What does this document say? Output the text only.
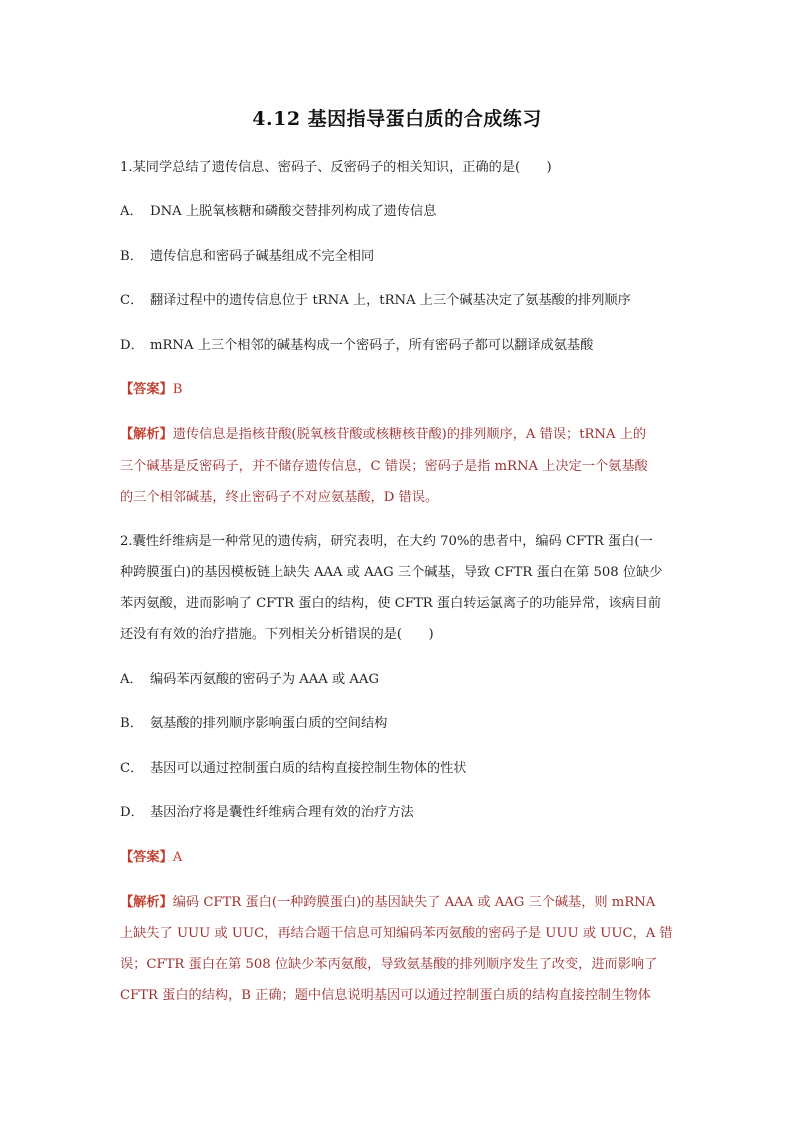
4.12 基因指导蛋白质的合成练习
1.某同学总结了遗传信息、密码子、反密码子的相关知识，正确的是(　　)
A． DNA 上脱氧核糖和磷酸交替排列构成了遗传信息
B． 遗传信息和密码子碱基组成不完全相同
C． 翻译过程中的遗传信息位于 tRNA 上，tRNA 上三个碱基决定了氨基酸的排列顺序
D． mRNA 上三个相邻的碱基构成一个密码子，所有密码子都可以翻译成氨基酸
【答案】B
【解析】遗传信息是指核苷酸(脱氧核苷酸或核糖核苷酸)的排列顺序，A 错误；tRNA 上的
三个碱基是反密码子，并不储存遗传信息，C 错误；密码子是指 mRNA 上决定一个氨基酸
的三个相邻碱基，终止密码子不对应氨基酸，D 错误。
2.囊性纤维病是一种常见的遗传病，研究表明，在大约 70%的患者中，编码 CFTR 蛋白(一
种跨膜蛋白)的基因模板链上缺失 AAA 或 AAG 三个碱基，导致 CFTR 蛋白在第 508 位缺少
苯丙氨酸，进而影响了 CFTR 蛋白的结构，使 CFTR 蛋白转运氯离子的功能异常，该病目前
还没有有效的治疗措施。下列相关分析错误的是(　　)
A． 编码苯丙氨酸的密码子为 AAA 或 AAG
B． 氨基酸的排列顺序影响蛋白质的空间结构
C． 基因可以通过控制蛋白质的结构直接控制生物体的性状
D． 基因治疗将是囊性纤维病合理有效的治疗方法
【答案】A
【解析】编码 CFTR 蛋白(一种跨膜蛋白)的基因缺失了 AAA 或 AAG 三个碱基，则 mRNA
上缺失了 UUU 或 UUC，再结合题干信息可知编码苯丙氨酸的密码子是 UUU 或 UUC，A 错
误；CFTR 蛋白在第 508 位缺少苯丙氨酸，导致氨基酸的排列顺序发生了改变，进而影响了
CFTR 蛋白的结构，B 正确；题中信息说明基因可以通过控制蛋白质的结构直接控制生物体
